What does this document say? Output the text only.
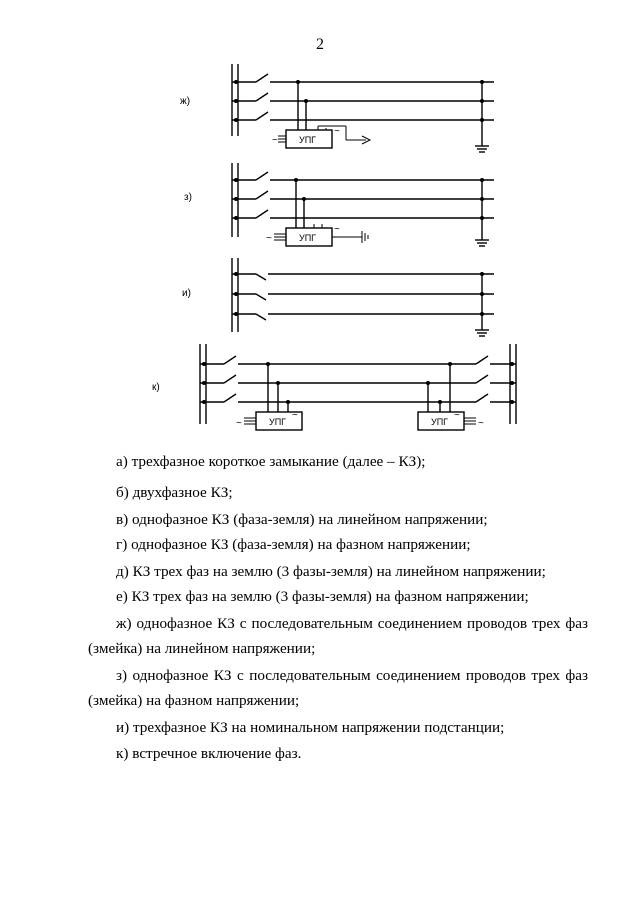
2
ж)
УПГ
~
~
з)
УПГ
~
~
и)
к)
УПГ
~
~
УПГ	~
~
а) трехфазное короткое замыкание (далее – КЗ);
б) двухфазное КЗ;
в) однофазное КЗ (фаза-земля) на линейном напряжении;
г) однофазное КЗ (фаза-земля) на фазном напряжении;
д) КЗ трех фаз на землю (3 фазы-земля) на линейном напряжении;
е) КЗ трех фаз на землю (3 фазы-земля) на фазном напряжении;
ж) однофазное КЗ с последовательным соединением проводов трех фаз
(змейка) на линейном напряжении;
з) однофазное КЗ с последовательным соединением проводов трех фаз
(змейка) на фазном напряжении;
и) трехфазное КЗ на номинальном напряжении подстанции;
к) встречное включение фаз.
